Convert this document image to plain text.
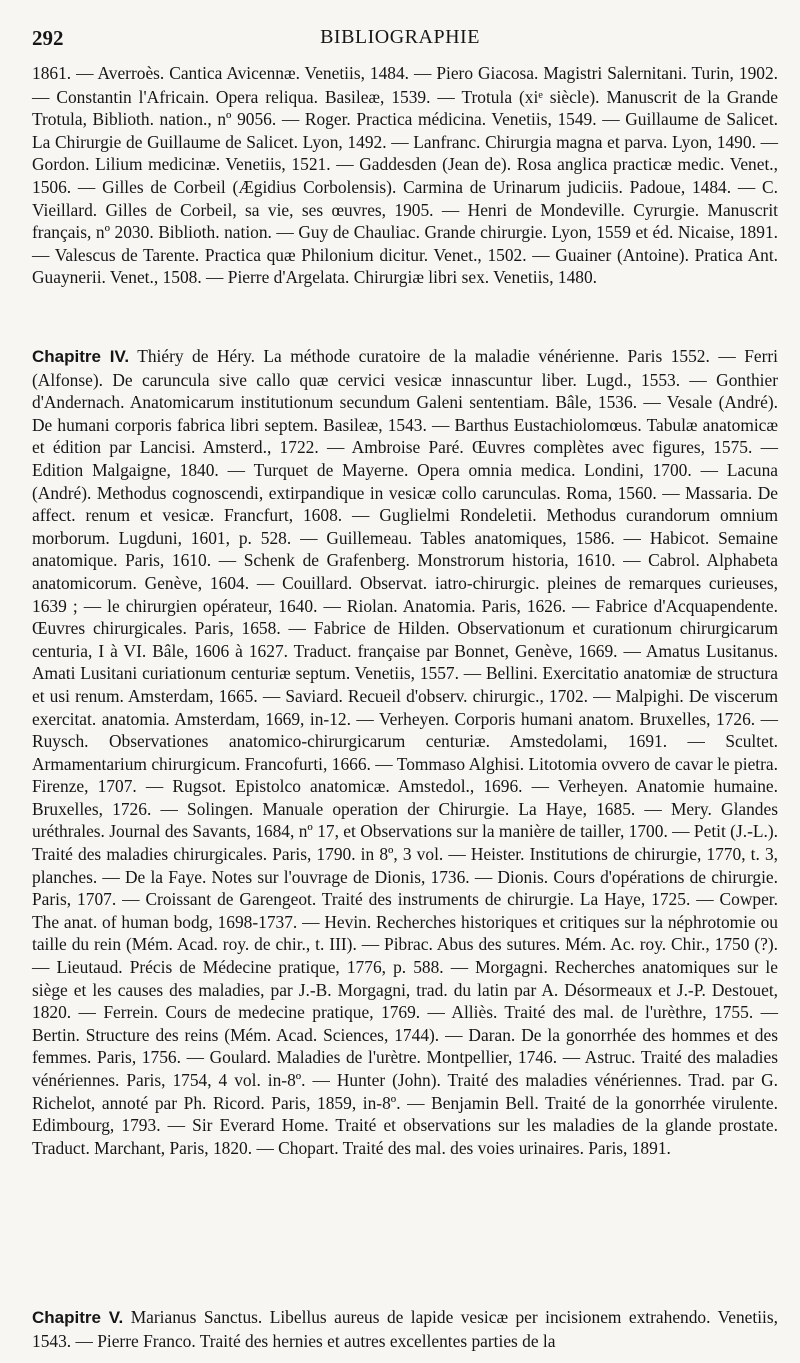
292	BIBLIOGRAPHIE

1861. — Averroès. Cantica Avicennæ. Venetiis, 1484. — Piero Giacosa. Magistri Salernitani. Turin, 1902. — Constantin l'Africain. Opera reliqua. Basileæ, 1539. — Trotula (xiᵉ siècle). Manuscrit de la Grande Trotula, Biblioth. nation., nº 9056. — Roger. Practica médicina. Venetiis, 1549. — Guillaume de Salicet. La Chirurgie de Guillaume de Salicet. Lyon, 1492. — Lanfranc. Chirurgia magna et parva. Lyon, 1490. — Gordon. Lilium medicinæ. Venetiis, 1521. — Gaddesden (Jean de). Rosa anglica practicæ medic. Venet., 1506. — Gilles de Corbeil (Ægidius Corbolensis). Carmina de Urinarum judiciis. Padoue, 1484. — C. Vieillard. Gilles de Corbeil, sa vie, ses œuvres, 1905. — Henri de Mondeville. Cyrurgie. Manuscrit français, nº 2030. Biblioth. nation. — Guy de Chauliac. Grande chirurgie. Lyon, 1559 et éd. Nicaise, 1891. — Valescus de Tarente. Practica quæ Philonium dicitur. Venet., 1502. — Guainer (Antoine). Pratica Ant. Guaynerii. Venet., 1508. — Pierre d'Argelata. Chirurgiæ libri sex. Venetiis, 1480.

Chapitre IV. Thiéry de Héry. La méthode curatoire de la maladie vénérienne. Paris 1552. — Ferri (Alfonse). De caruncula sive callo quæ cervici vesicæ innascuntur liber. Lugd., 1553. — Gonthier d'Andernach. Anatomicarum institutionum secundum Galeni sententiam. Bâle, 1536. — Vesale (André). De humani corporis fabrica libri septem. Basileæ, 1543. — Barthus Eustachiolomœus. Tabulæ anatomicæ et édition par Lancisi. Amsterd., 1722. — Ambroise Paré. Œuvres complètes avec figures, 1575. — Edition Malgaigne, 1840. — Turquet de Mayerne. Opera omnia medica. Londini, 1700. — Lacuna (André). Methodus cognoscendi, extirpandique in vesicæ collo carunculas. Roma, 1560. — Massaria. De affect. renum et vesicæ. Francfurt, 1608. — Guglielmi Rondeletii. Methodus curandorum omnium morborum. Lugduni, 1601, p. 528. — Guillemeau. Tables anatomiques, 1586. — Habicot. Semaine anatomique. Paris, 1610. — Schenk de Grafenberg. Monstrorum historia, 1610. — Cabrol. Alphabeta anatomicorum. Genève, 1604. — Couillard. Observat. iatro-chirurgic. pleines de remarques curieuses, 1639 ; — le chirurgien opérateur, 1640. — Riolan. Anatomia. Paris, 1626. — Fabrice d'Acquapendente. Œuvres chirurgicales. Paris, 1658. — Fabrice de Hilden. Observationum et curationum chirurgicarum centuria, I à VI. Bâle, 1606 à 1627. Traduct. française par Bonnet, Genève, 1669. — Amatus Lusitanus. Amati Lusitani curiationum centuriæ septum. Venetiis, 1557. — Bellini. Exercitatio anatomiæ de structura et usi renum. Amsterdam, 1665. — Saviard. Recueil d'observ. chirurgic., 1702. — Malpighi. De viscerum exercitat. anatomia. Amsterdam, 1669, in-12. — Verheyen. Corporis humani anatom. Bruxelles, 1726. — Ruysch. Observationes anatomico-chirurgicarum centuriæ. Amstedolami, 1691. — Scultet. Armamentarium chirurgicum. Francofurti, 1666. — Tommaso Alghisi. Litotomia ovvero de cavar le pietra. Firenze, 1707. — Rugsot. Epistolco anatomicæ. Amstedol., 1696. — Verheyen. Anatomie humaine. Bruxelles, 1726. — Solingen. Manuale operation der Chirurgie. La Haye, 1685. — Mery. Glandes uréthrales. Journal des Savants, 1684, nº 17, et Observations sur la manière de tailler, 1700. — Petit (J.-L.). Traité des maladies chirurgicales. Paris, 1790. in 8º, 3 vol. — Heister. Institutions de chirurgie, 1770, t. 3, planches. — De la Faye. Notes sur l'ouvrage de Dionis, 1736. — Dionis. Cours d'opérations de chirurgie. Paris, 1707. — Croissant de Garengeot. Traité des instruments de chirurgie. La Haye, 1725. — Cowper. The anat. of human bodg, 1698-1737. — Hevin. Recherches historiques et critiques sur la néphrotomie ou taille du rein (Mém. Acad. roy. de chir., t. III). — Pibrac. Abus des sutures. Mém. Ac. roy. Chir., 1750 (?). — Lieutaud. Précis de Médecine pratique, 1776, p. 588. — Morgagni. Recherches anatomiques sur le siège et les causes des maladies, par J.-B. Morgagni, trad. du latin par A. Désormeaux et J.-P. Destouet, 1820. — Ferrein. Cours de medecine pratique, 1769. — Alliès. Traité des mal. de l'urèthre, 1755. — Bertin. Structure des reins (Mém. Acad. Sciences, 1744). — Daran. De la gonorrhée des hommes et des femmes. Paris, 1756. — Goulard. Maladies de l'urètre. Montpellier, 1746. — Astruc. Traité des maladies vénériennes. Paris, 1754, 4 vol. in-8º. — Hunter (John). Traité des maladies vénériennes. Trad. par G. Richelot, annoté par Ph. Ricord. Paris, 1859, in-8º. — Benjamin Bell. Traité de la gonorrhée virulente. Edimbourg, 1793. — Sir Everard Home. Traité et observations sur les maladies de la glande prostate. Traduct. Marchant, Paris, 1820. — Chopart. Traité des mal. des voies urinaires. Paris, 1891.

Chapitre V. Marianus Sanctus. Libellus aureus de lapide vesicæ per incisionem extrahendo. Venetiis, 1543. — Pierre Franco. Traité des hernies et autres excellentes parties de la
